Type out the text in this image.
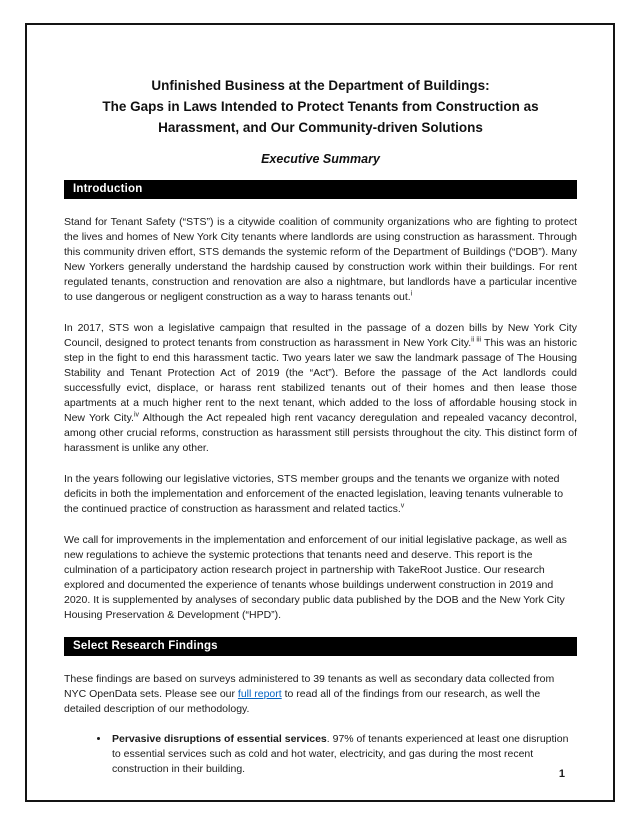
Unfinished Business at the Department of Buildings:
The Gaps in Laws Intended to Protect Tenants from Construction as
Harassment, and Our Community-driven Solutions
Executive Summary
Introduction

Stand for Tenant Safety (“STS”) is a citywide coalition of community organizations who are fighting to protect the lives and homes of New York City tenants where landlords are using construction as harassment. Through this community driven effort, STS demands the systemic reform of the Department of Buildings (“DOB”). Many New Yorkers generally understand the hardship caused by construction work within their buildings. For rent regulated tenants, construction and renovation are also a nightmare, but landlords have a particular incentive to use dangerous or negligent construction as a way to harass tenants out.$^i$

In 2017, STS won a legislative campaign that resulted in the passage of a dozen bills by New York City Council, designed to protect tenants from construction as harassment in New York City.$^{ii iii}$ This was an historic step in the fight to end this harassment tactic. Two years later we saw the landmark passage of The Housing Stability and Tenant Protection Act of 2019 (the “Act”). Before the passage of the Act landlords could successfully evict, displace, or harass rent stabilized tenants out of their homes and then lease those apartments at a much higher rent to the next tenant, which added to the loss of affordable housing stock in New York City.$^{iv}$ Although the Act repealed high rent vacancy deregulation and repealed vacancy decontrol, among other crucial reforms, construction as harassment still persists throughout the city. This distinct form of harassment is unlike any other.

In the years following our legislative victories, STS member groups and the tenants we organize with noted deficits in both the implementation and enforcement of the enacted legislation, leaving tenants vulnerable to the continued practice of construction as harassment and related tactics.$^v$

We call for improvements in the implementation and enforcement of our initial legislative package, as well as new regulations to achieve the systemic protections that tenants need and deserve. This report is the culmination of a participatory action research project in partnership with TakeRoot Justice. Our research explored and documented the experience of tenants whose buildings underwent construction in 2019 and 2020. It is supplemented by analyses of secondary public data published by the DOB and the New York City Housing Preservation & Development (“HPD”).

Select Research Findings

These findings are based on surveys administered to 39 tenants as well as secondary data collected from NYC OpenData sets. Please see our full report to read all of the findings from our research, as well the detailed description of our methodology.

• Pervasive disruptions of essential services. 97% of tenants experienced at least one disruption to essential services such as cold and hot water, electricity, and gas during the most recent construction in their building.	1
